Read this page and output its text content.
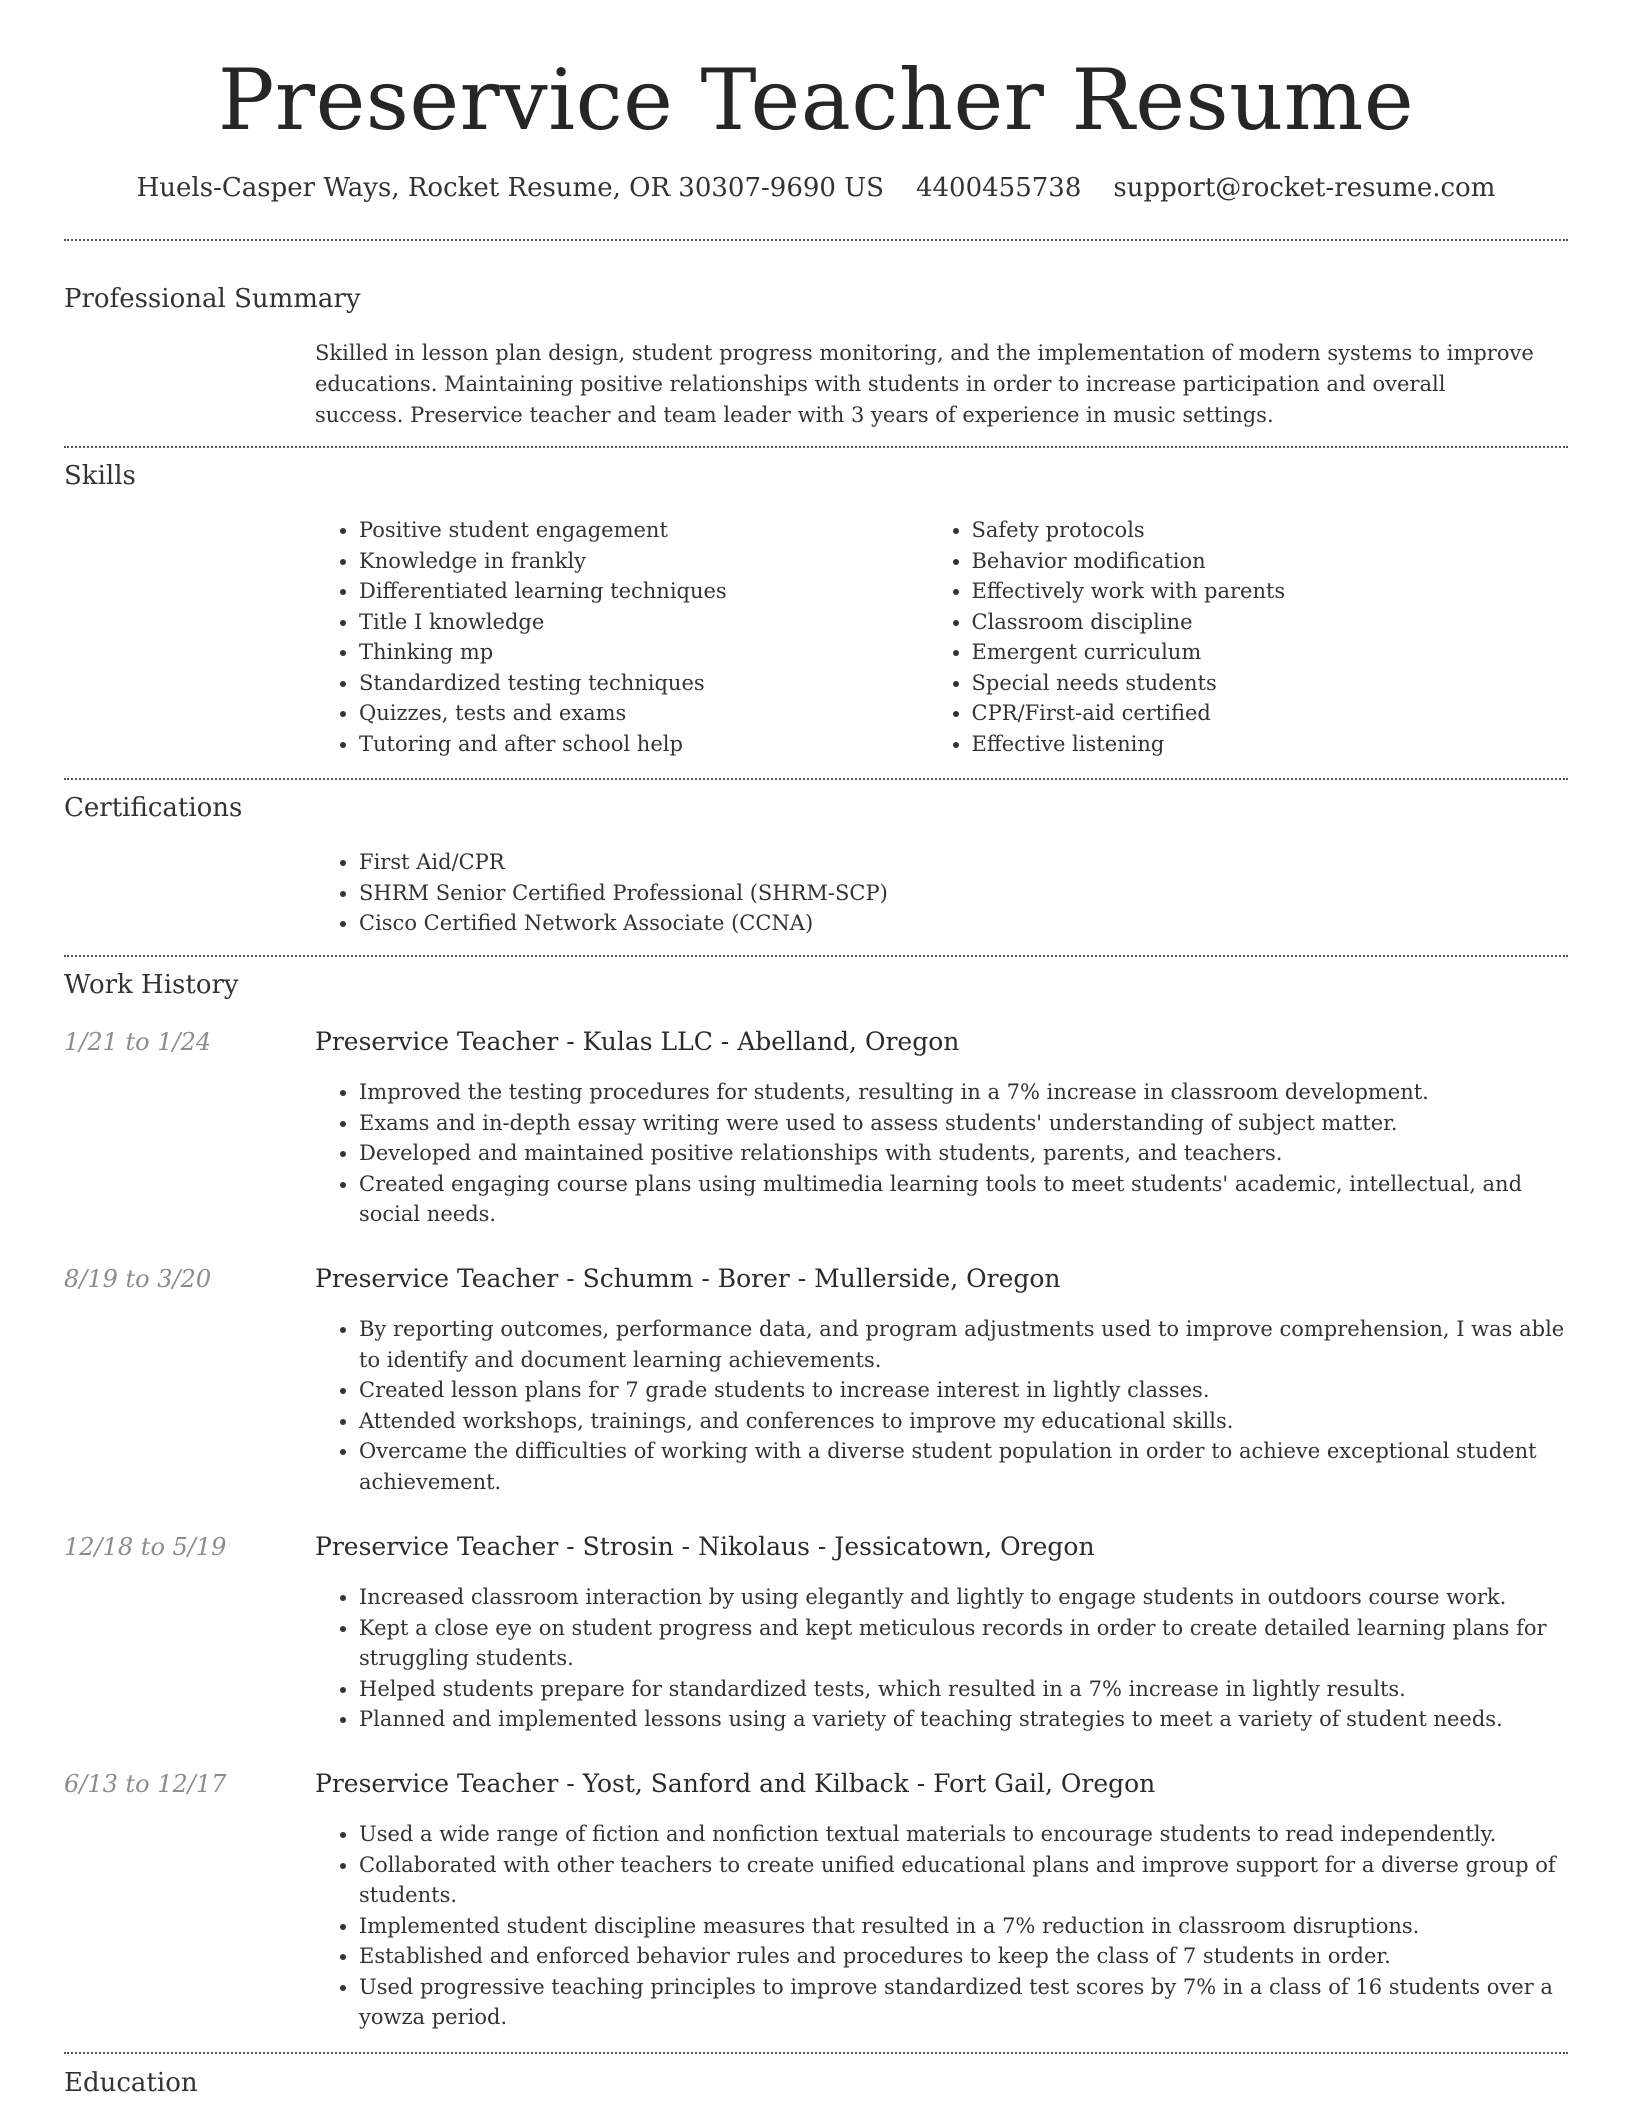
Preservice Teacher Resume
Huels-Casper Ways, Rocket Resume, OR 30307-9690 US 4400455738 support@rocket-resume.com
Professional Summary
Skilled in lesson plan design, student progress monitoring, and the implementation of modern systems to improve educations. Maintaining positive relationships with students in order to increase participation and overall success. Preservice teacher and team leader with 3 years of experience in music settings.
Skills
• Positive student engagement
• Knowledge in frankly
• Differentiated learning techniques
• Title I knowledge
• Thinking mp
• Standardized testing techniques
• Quizzes, tests and exams
• Tutoring and after school help
• Safety protocols
• Behavior modification
• Effectively work with parents
• Classroom discipline
• Emergent curriculum
• Special needs students
• CPR/First-aid certified
• Effective listening
Certifications
• First Aid/CPR
• SHRM Senior Certified Professional (SHRM-SCP)
• Cisco Certified Network Associate (CCNA)
Work History
1/21 to 1/24	Preservice Teacher - Kulas LLC - Abelland, Oregon
• Improved the testing procedures for students, resulting in a 7% increase in classroom development.
• Exams and in-depth essay writing were used to assess students' understanding of subject matter.
• Developed and maintained positive relationships with students, parents, and teachers.
• Created engaging course plans using multimedia learning tools to meet students' academic, intellectual, and social needs.
8/19 to 3/20	Preservice Teacher - Schumm - Borer - Mullerside, Oregon
• By reporting outcomes, performance data, and program adjustments used to improve comprehension, I was able to identify and document learning achievements.
• Created lesson plans for 7 grade students to increase interest in lightly classes.
• Attended workshops, trainings, and conferences to improve my educational skills.
• Overcame the difficulties of working with a diverse student population in order to achieve exceptional student achievement.
12/18 to 5/19	Preservice Teacher - Strosin - Nikolaus - Jessicatown, Oregon
• Increased classroom interaction by using elegantly and lightly to engage students in outdoors course work.
• Kept a close eye on student progress and kept meticulous records in order to create detailed learning plans for struggling students.
• Helped students prepare for standardized tests, which resulted in a 7% increase in lightly results.
• Planned and implemented lessons using a variety of teaching strategies to meet a variety of student needs.
6/13 to 12/17	Preservice Teacher - Yost, Sanford and Kilback - Fort Gail, Oregon
• Used a wide range of fiction and nonfiction textual materials to encourage students to read independently.
• Collaborated with other teachers to create unified educational plans and improve support for a diverse group of students.
• Implemented student discipline measures that resulted in a 7% reduction in classroom disruptions.
• Established and enforced behavior rules and procedures to keep the class of 7 students in order.
• Used progressive teaching principles to improve standardized test scores by 7% in a class of 16 students over a yowza period.
Education
